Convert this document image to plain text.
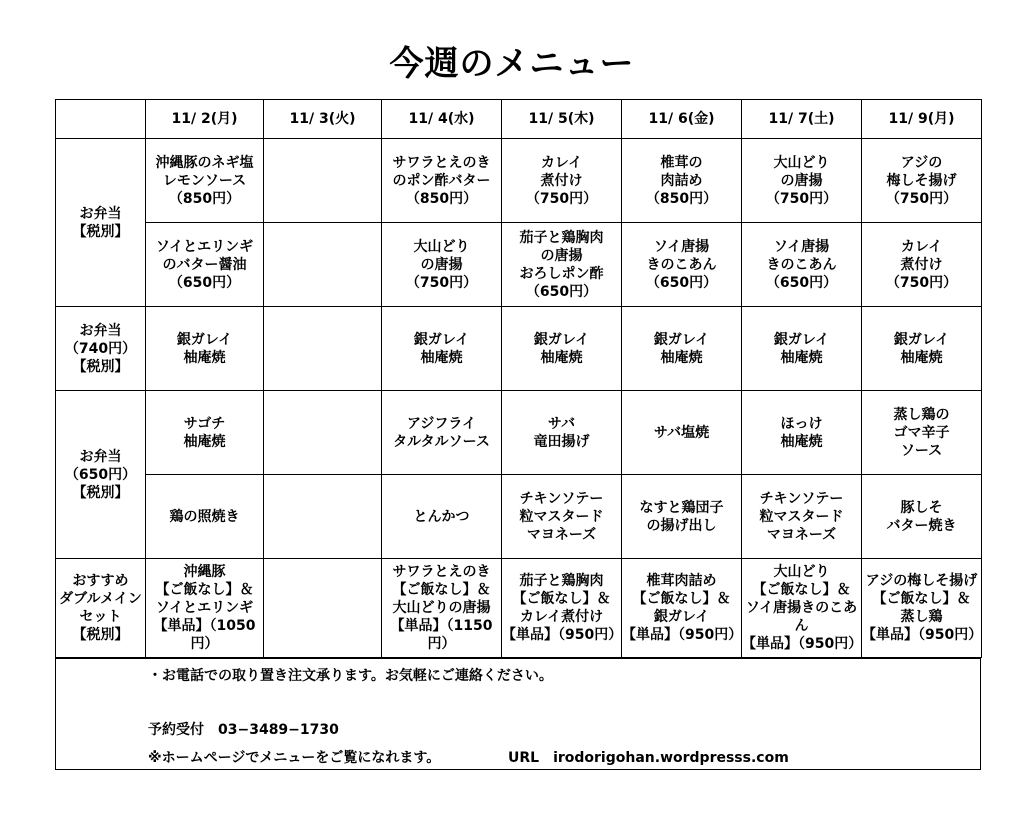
今週のメニュー
	11/ 2(月)	11/ 3(火)	11/ 4(水)	11/ 5(木)	11/ 6(金)	11/ 7(土)	11/ 9(月)
お弁当
【税別】	沖縄豚のネギ塩
レモンソース
（850円）		サワラとえのき
のポン酢バター
（850円）	カレイ
煮付け
（750円）	椎茸の
肉詰め
（850円）	大山どり
の唐揚
（750円）	アジの
梅しそ揚げ
（750円）
	ソイとエリンギ
のバター醤油
（650円）		大山どり
の唐揚
（750円）	茄子と鶏胸肉
の唐揚
おろしポン酢
（650円）	ソイ唐揚
きのこあん
（650円）	ソイ唐揚
きのこあん
（650円）	カレイ
煮付け
（750円）
お弁当
（740円）
【税別】	銀ガレイ
柚庵焼		銀ガレイ
柚庵焼	銀ガレイ
柚庵焼	銀ガレイ
柚庵焼	銀ガレイ
柚庵焼	銀ガレイ
柚庵焼
お弁当
（650円）
【税別】	サゴチ
柚庵焼		アジフライ
タルタルソース	サバ
竜田揚げ	サバ塩焼	ほっけ
柚庵焼	蒸し鶏の
ゴマ辛子
ソース
	鶏の照焼き		とんかつ	チキンソテー
粒マスタード
マヨネーズ	なすと鶏団子
の揚げ出し	チキンソテー
粒マスタード
マヨネーズ	豚しそ
バター焼き
おすすめ
ダブルメイン
セット
【税別】	沖縄豚
【ご飯なし】＆
ソイとエリンギ
【単品】（1050円）		サワラとえのき
【ご飯なし】＆
大山どりの唐揚
【単品】（1150円）	茄子と鶏胸肉
【ご飯なし】＆
カレイ煮付け
【単品】（950円）	椎茸肉詰め
【ご飯なし】＆
銀ガレイ
【単品】（950円）	大山どり
【ご飯なし】＆
ソイ唐揚きのこあん
【単品】（950円）	アジの梅しそ揚げ
【ご飯なし】＆
蒸し鶏
【単品】（950円）
・お電話での取り置き注文承ります。お気軽にご連絡ください。
予約受付　03−3489−1730
※ホームページでメニューをご覧になれます。	URL　irodorigohan.wordpresss.com
